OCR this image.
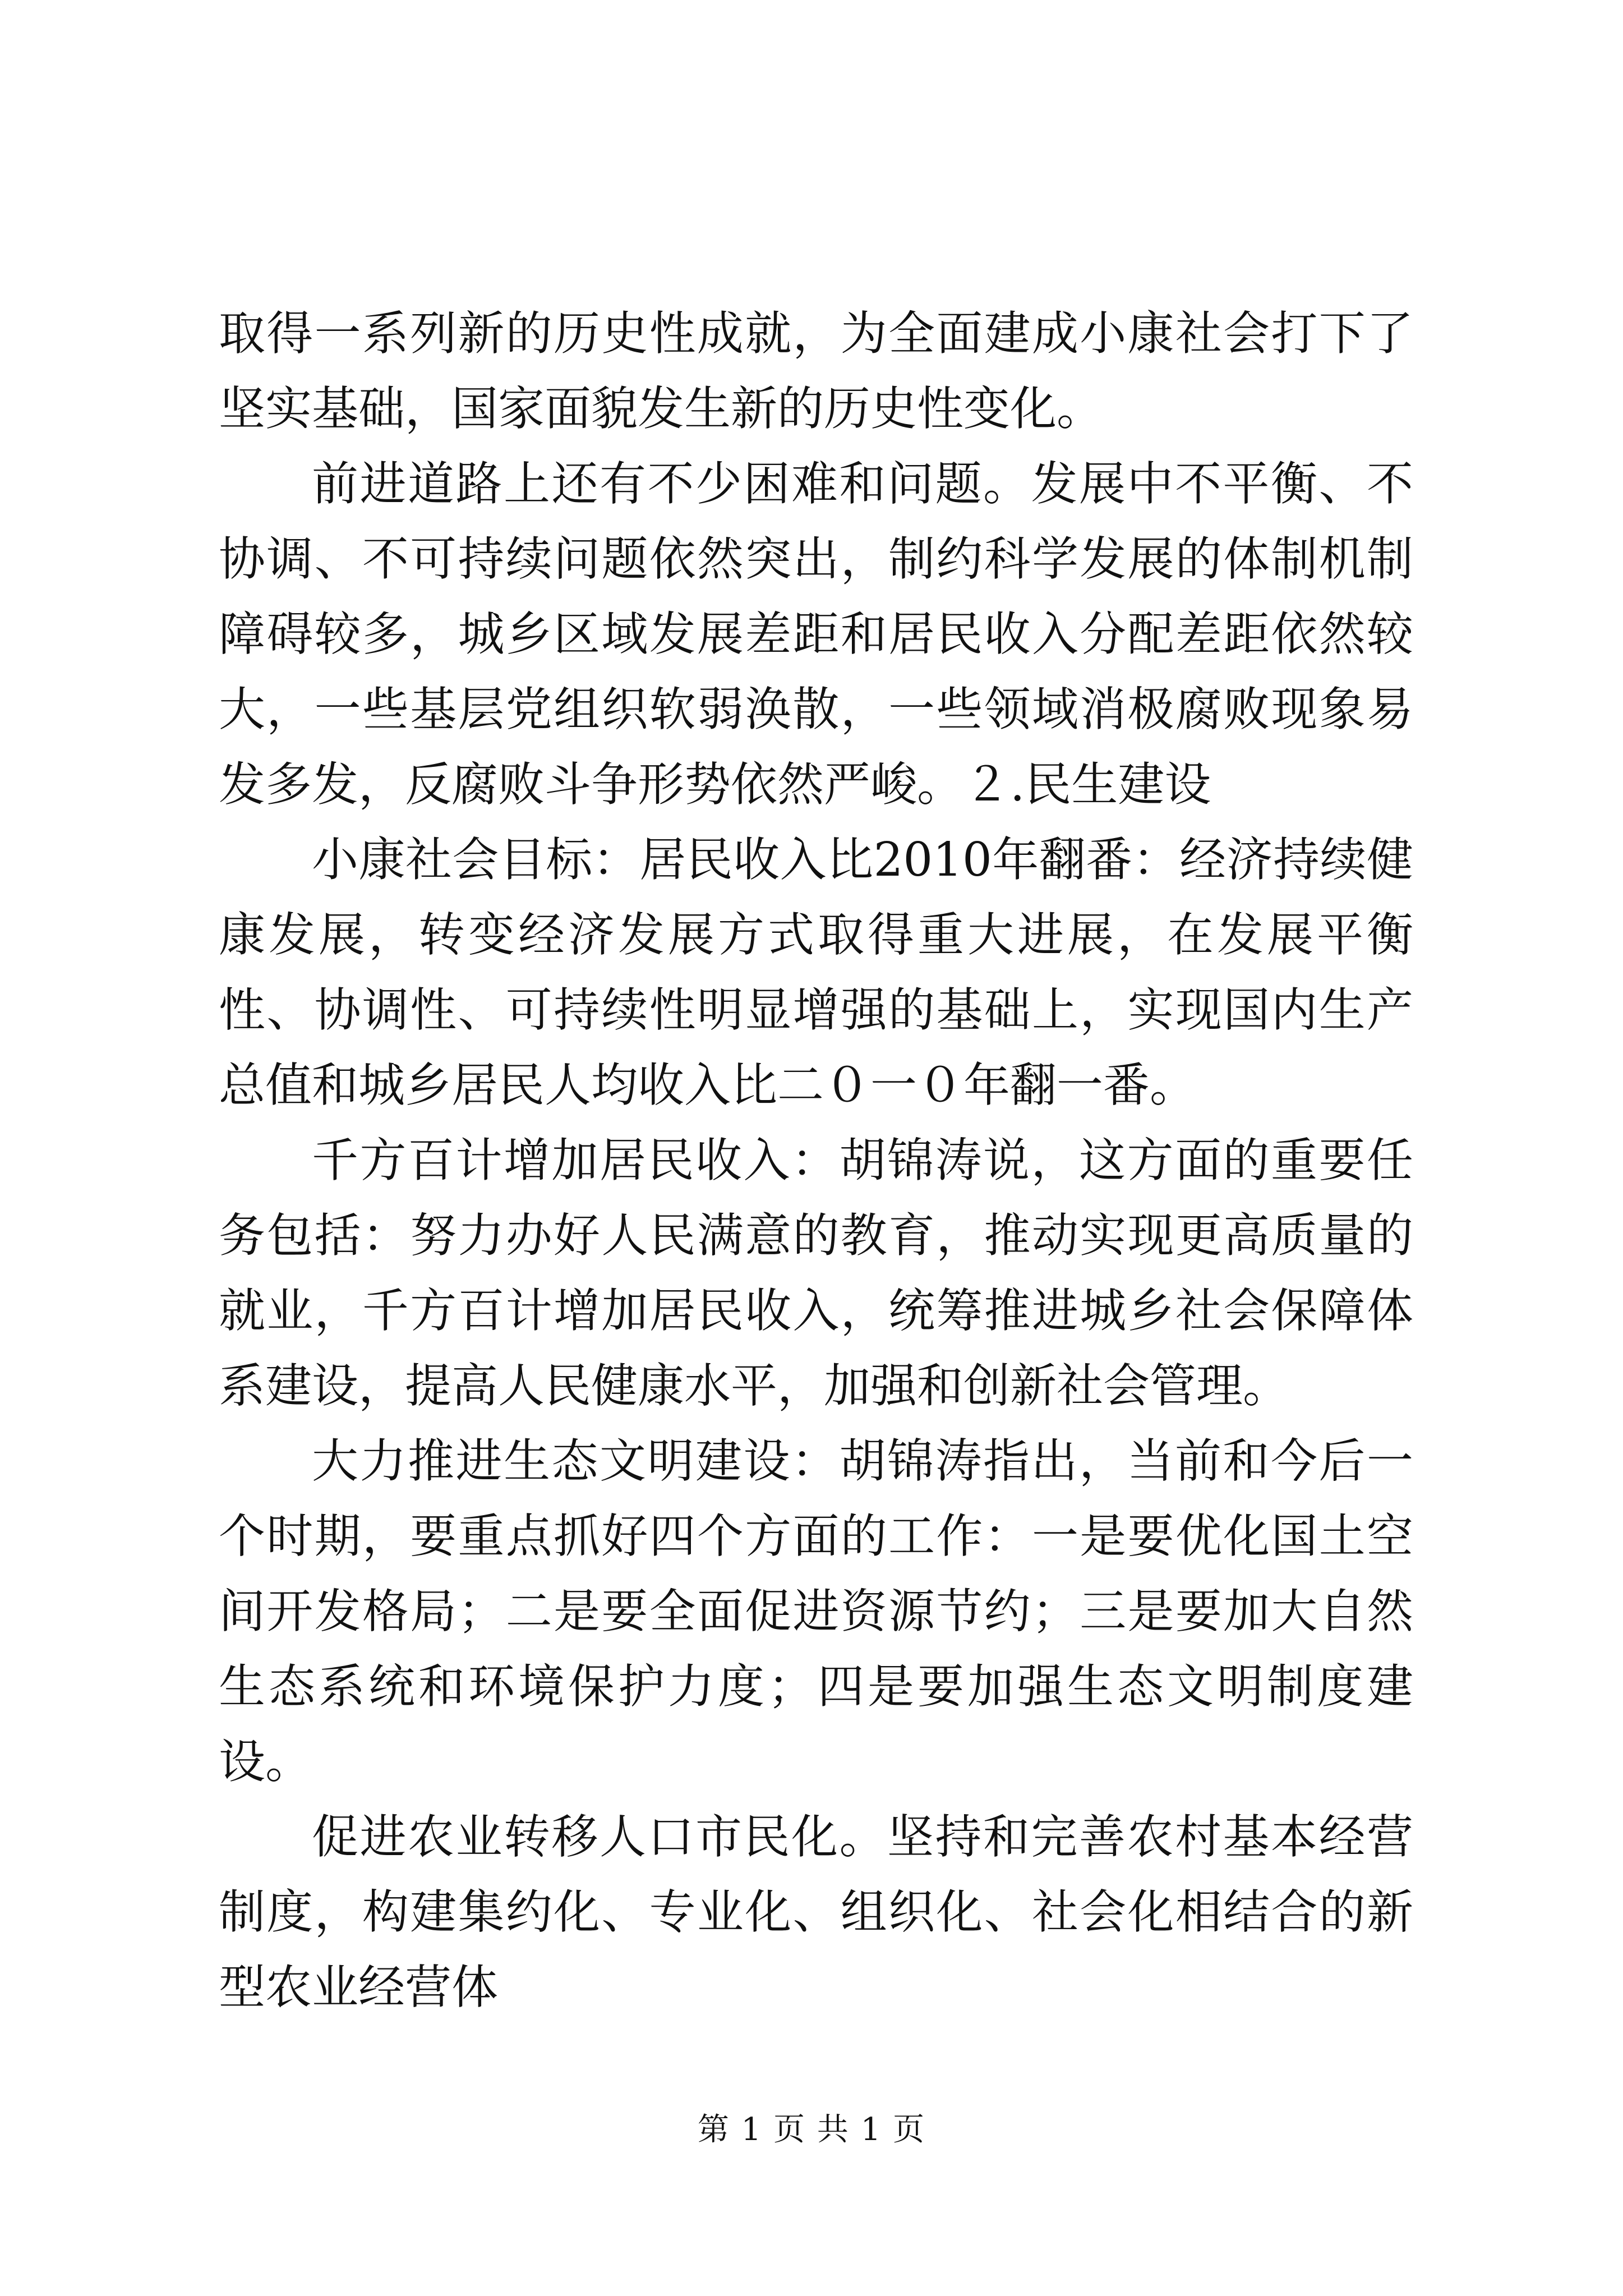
取得一系列新的历史性成就，为全面建成小康社会打下了坚实基础，国家面貌发生新的历史性变化。

前进道路上还有不少困难和问题。发展中不平衡、不协调、不可持续问题依然突出，制约科学发展的体制机制障碍较多，城乡区域发展差距和居民收入分配差距依然较大，一些基层党组织软弱涣散，一些领域消极腐败现象易发多发，反腐败斗争形势依然严峻。２.民生建设

小康社会目标：居民收入比2010年翻番：经济持续健康发展，转变经济发展方式取得重大进展，在发展平衡性、协调性、可持续性明显增强的基础上，实现国内生产总值和城乡居民人均收入比二０一０年翻一番。

千方百计增加居民收入：胡锦涛说，这方面的重要任务包括：努力办好人民满意的教育，推动实现更高质量的就业，千方百计增加居民收入，统筹推进城乡社会保障体系建设，提高人民健康水平，加强和创新社会管理。

大力推进生态文明建设：胡锦涛指出，当前和今后一个时期，要重点抓好四个方面的工作：一是要优化国土空间开发格局；二是要全面促进资源节约；三是要加大自然生态系统和环境保护力度；四是要加强生态文明制度建设。

促进农业转移人口市民化。坚持和完善农村基本经营制度，构建集约化、专业化、组织化、社会化相结合的新型农业经营体

第 1 页 共 1 页
